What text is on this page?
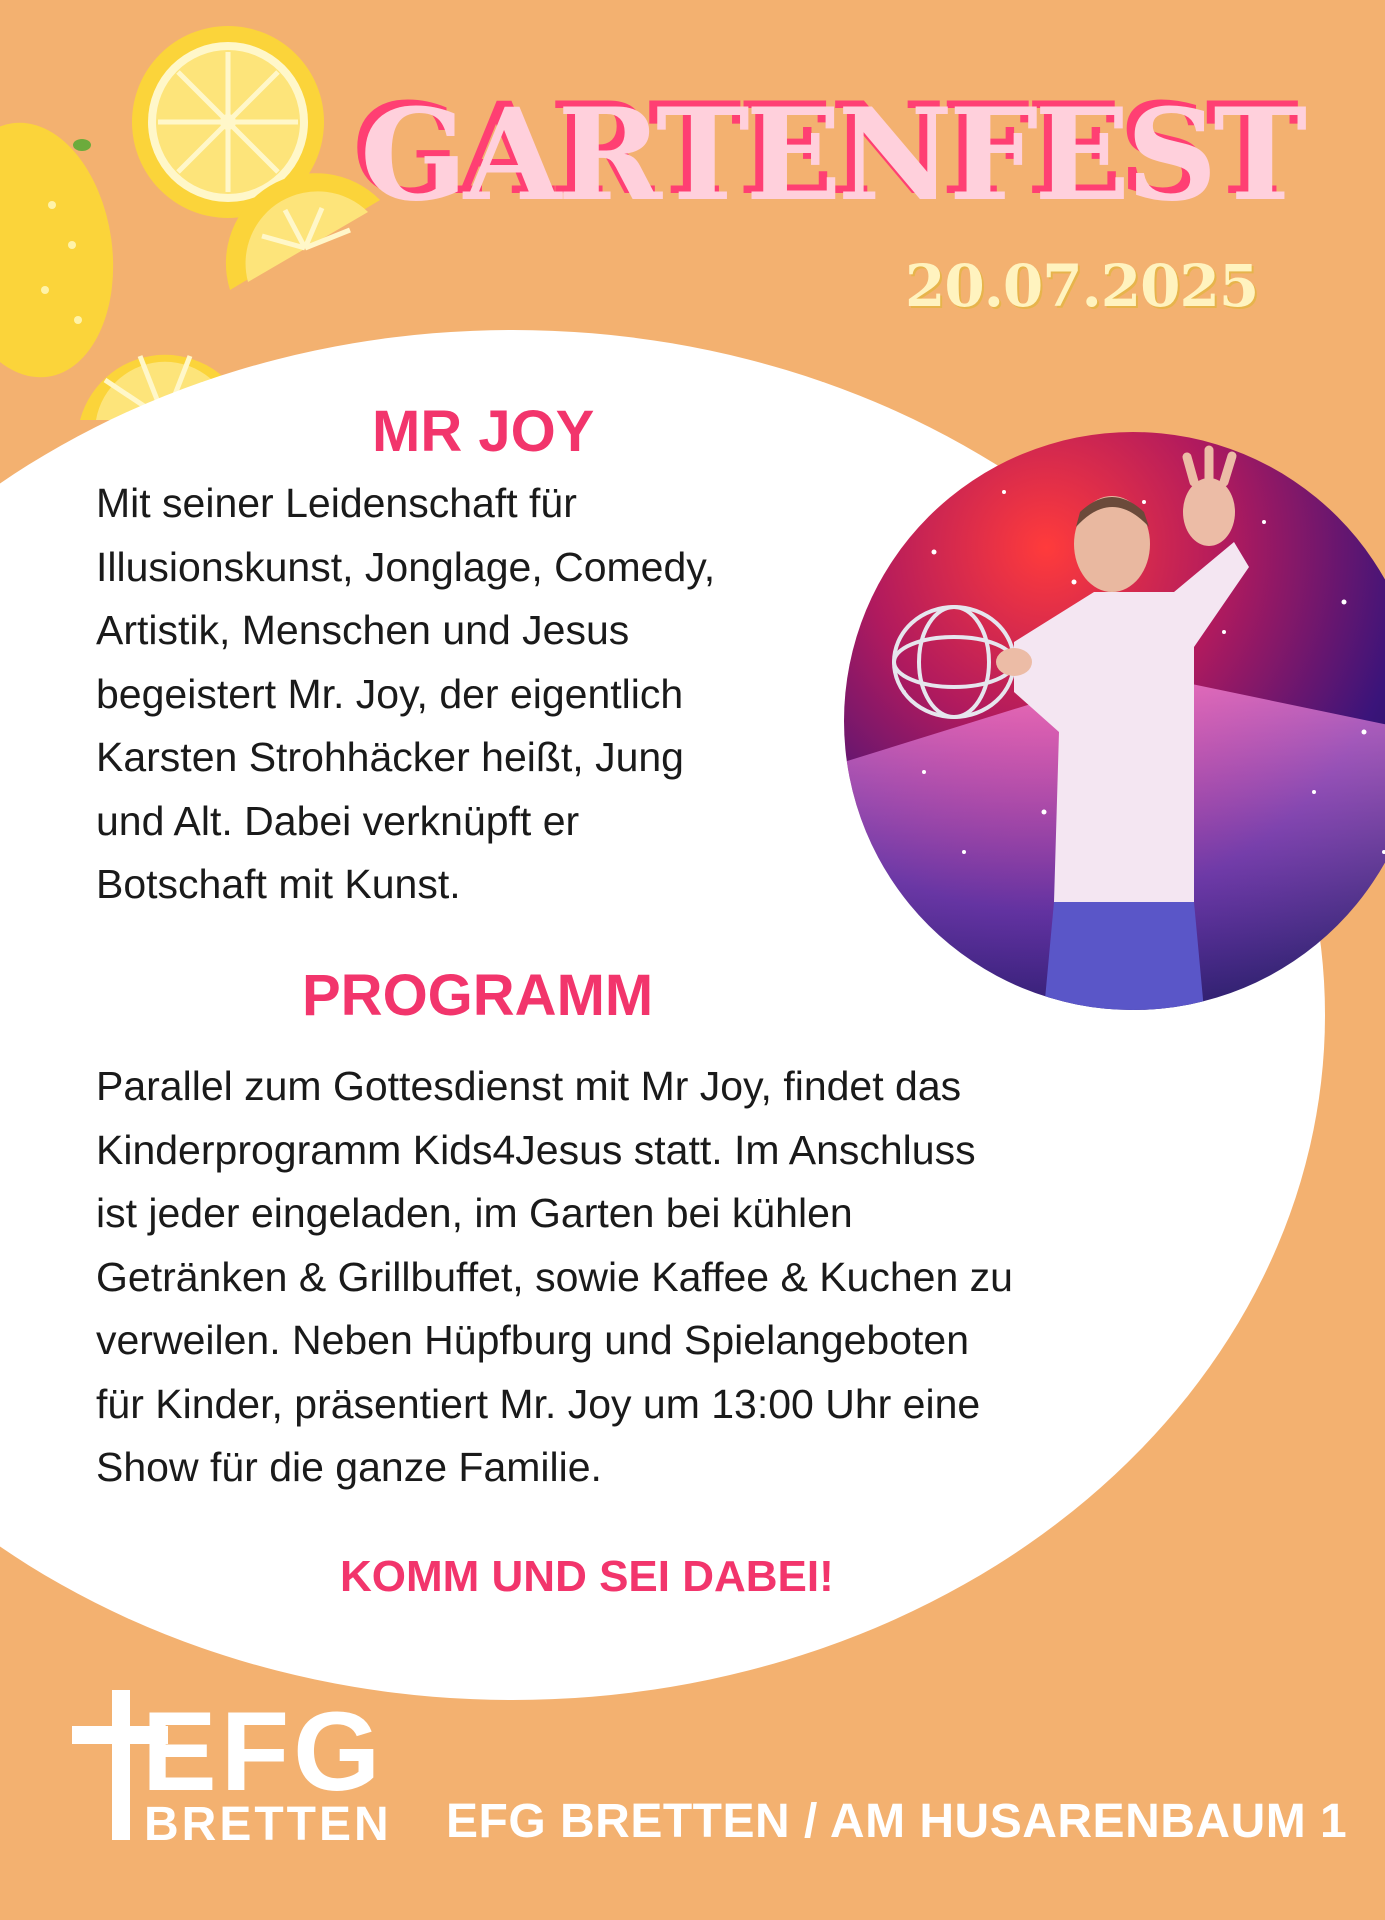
GARTENFEST
20.07.2025
MR JOY

Mit seiner Leidenschaft für
Illusionskunst, Jonglage, Comedy,
Artistik, Menschen und Jesus
begeistert Mr. Joy, der eigentlich
Karsten Strohhäcker heißt, Jung
und Alt. Dabei verknüpft er
Botschaft mit Kunst.

PROGRAMM

Parallel zum Gottesdienst mit Mr Joy, findet das
Kinderprogramm Kids4Jesus statt. Im Anschluss
ist jeder eingeladen, im Garten bei kühlen
Getränken & Grillbuffet, sowie Kaffee & Kuchen zu
verweilen. Neben Hüpfburg und Spielangeboten
für Kinder, präsentiert Mr. Joy um 13:00 Uhr eine
Show für die ganze Familie.

KOMM UND SEI DABEI!

EFG
BRETTEN EFG BRETTEN / AM HUSARENBAUM 1
